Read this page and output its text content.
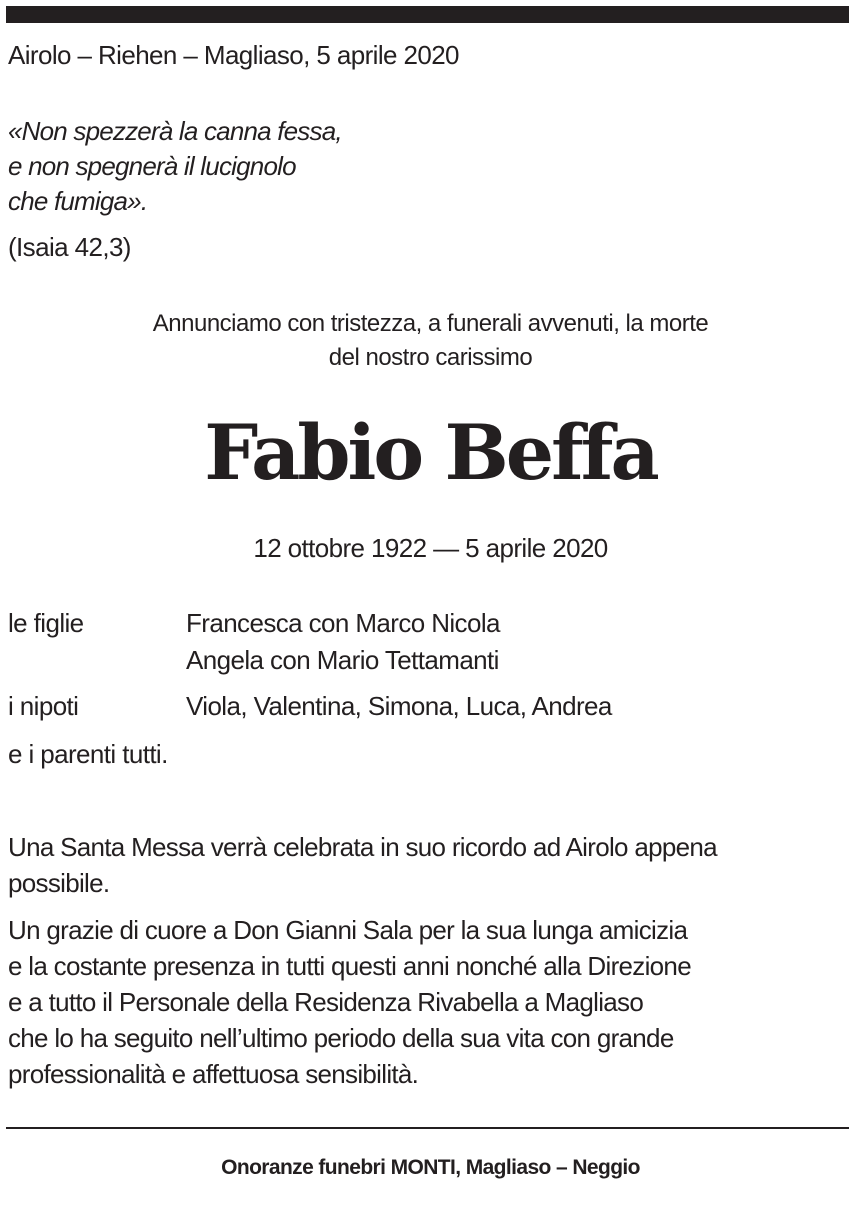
Airolo – Riehen – Magliaso, 5 aprile 2020
«Non spezzerà la canna fessa,
e non spegnerà il lucignolo
che fumiga».
(Isaia 42,3)
Annunciamo con tristezza, a funerali avvenuti, la morte
del nostro carissimo
Fabio Beffa
12 ottobre 1922 — 5 aprile 2020
le figlie	Francesca con Marco Nicola
Angela con Mario Tettamanti
i nipoti	Viola, Valentina, Simona, Luca, Andrea
e i parenti tutti.
Una Santa Messa verrà celebrata in suo ricordo ad Airolo appena
possibile.
Un grazie di cuore a Don Gianni Sala per la sua lunga amicizia
e la costante presenza in tutti questi anni nonché alla Direzione
e a tutto il Personale della Residenza Rivabella a Magliaso
che lo ha seguito nell’ultimo periodo della sua vita con grande
professionalità e affettuosa sensibilità.
Onoranze funebri MONTI, Magliaso – Neggio
